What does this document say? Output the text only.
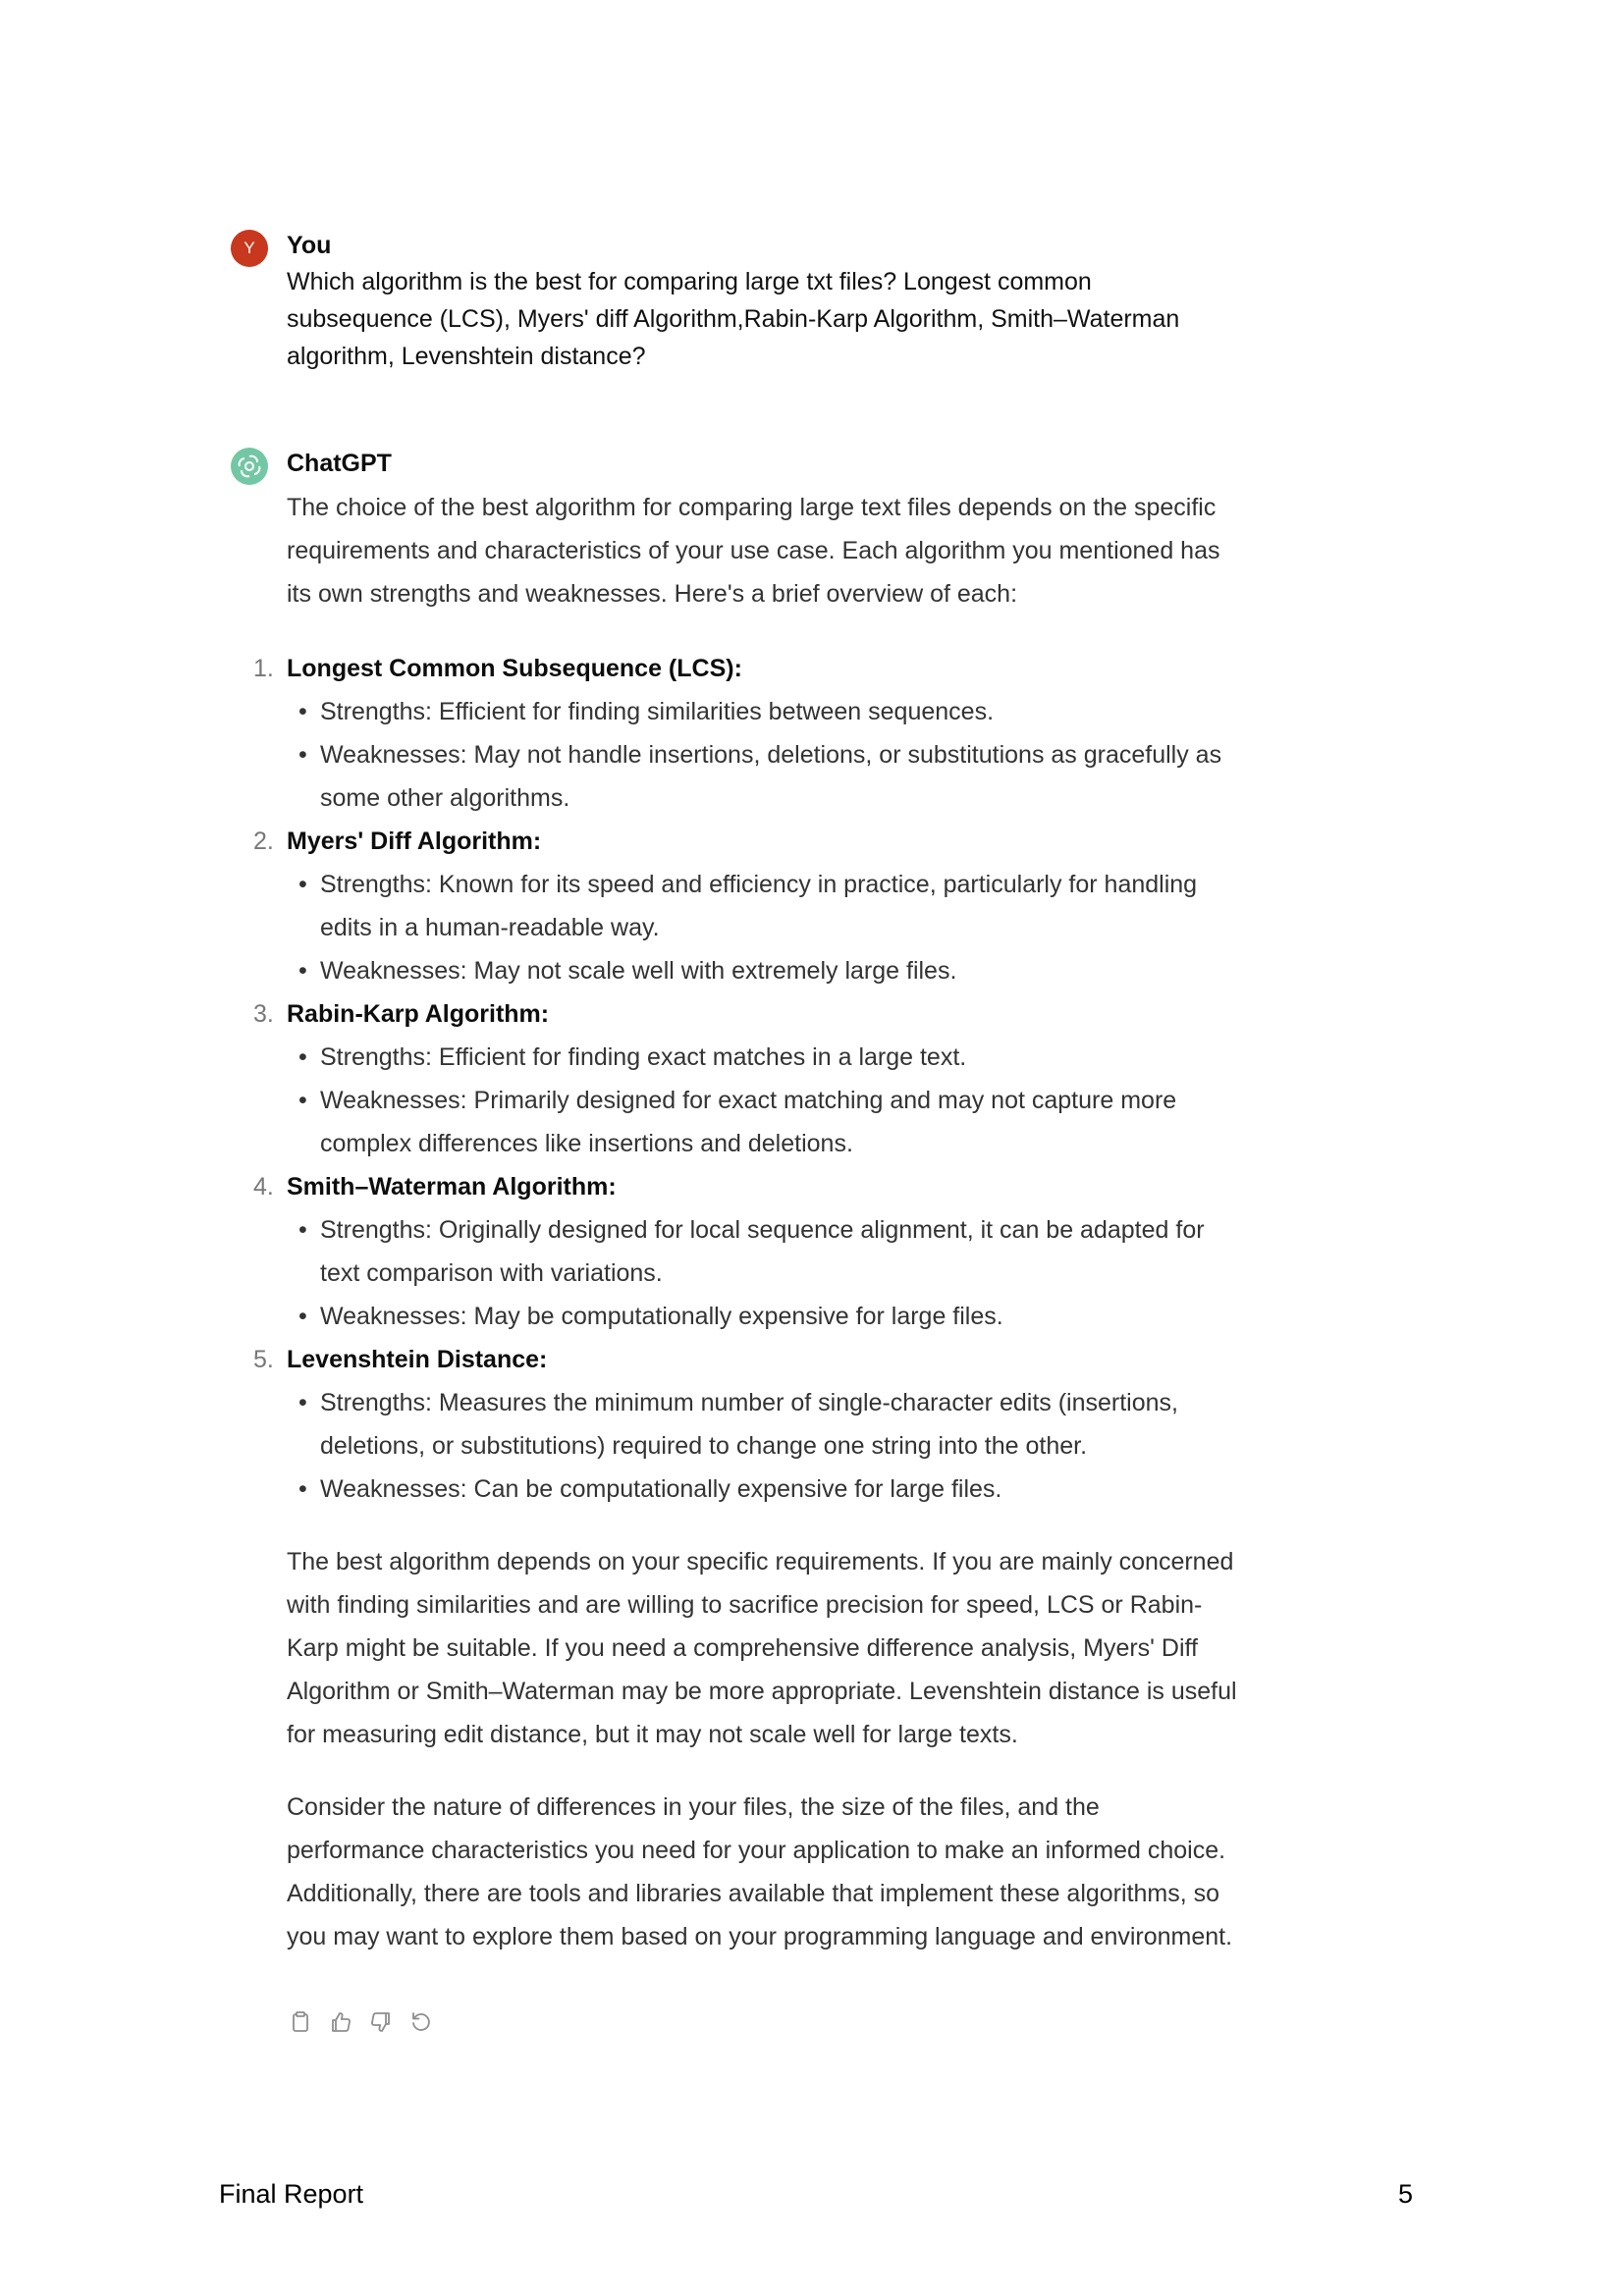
Y You
Which algorithm is the best for comparing large txt files? Longest common subsequence (LCS), Myers' diff Algorithm,Rabin-Karp Algorithm, Smith–Waterman algorithm, Levenshtein distance?
ChatGPT

The choice of the best algorithm for comparing large text files depends on the specific requirements and characteristics of your use case. Each algorithm you mentioned has its own strengths and weaknesses. Here's a brief overview of each:

1. Longest Common Subsequence (LCS):
• Strengths: Efficient for finding similarities between sequences.
• Weaknesses: May not handle insertions, deletions, or substitutions as gracefully as some other algorithms.
2. Myers' Diff Algorithm:
• Strengths: Known for its speed and efficiency in practice, particularly for handling edits in a human-readable way.
• Weaknesses: May not scale well with extremely large files.
3. Rabin-Karp Algorithm:
• Strengths: Efficient for finding exact matches in a large text.
• Weaknesses: Primarily designed for exact matching and may not capture more complex differences like insertions and deletions.
4. Smith–Waterman Algorithm:
• Strengths: Originally designed for local sequence alignment, it can be adapted for text comparison with variations.
• Weaknesses: May be computationally expensive for large files.
5. Levenshtein Distance:
• Strengths: Measures the minimum number of single-character edits (insertions, deletions, or substitutions) required to change one string into the other.
• Weaknesses: Can be computationally expensive for large files.

The best algorithm depends on your specific requirements. If you are mainly concerned with finding similarities and are willing to sacrifice precision for speed, LCS or Rabin-Karp might be suitable. If you need a comprehensive difference analysis, Myers' Diff Algorithm or Smith–Waterman may be more appropriate. Levenshtein distance is useful for measuring edit distance, but it may not scale well for large texts.

Consider the nature of differences in your files, the size of the files, and the performance characteristics you need for your application to make an informed choice. Additionally, there are tools and libraries available that implement these algorithms, so you may want to explore them based on your programming language and environment.

Final Report	5
